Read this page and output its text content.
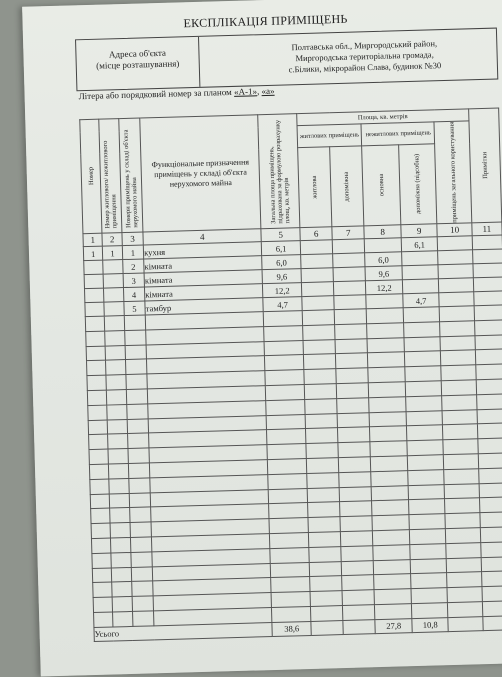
ЕКСПЛІКАЦІЯ ПРИМІЩЕНЬ
Адреса об'єкта
(місце розташування)
Полтавська обл., Миргородський район,
Миргородська територіальна громада,
с.Білики, мікрорайон Слава, будинок №30
Літера або порядковий номер за планом «А-1», «а»
Номер	Номер житлового/ нежитлового приміщення	Номери приміщень у складі об'єкта нерухомого майна	Функціональне призначення приміщень у складі об'єкта нерухомого майна	Загальна площа приміщень, підрахована за формулою розрахунку площ, кв. метрів	Площа, кв. метрів					Примітки

					житлових приміщень		нежитлових приміщень		приміщень загального користування	

					житлова	допоміжна	основна	допоміжна (підсобна)		

1	2	3	4	5	6	7	8	9	10	11
1	1	1	кухня	6,1				6,1		
		2	кімната	6,0			6,0			
		3	кімната	9,6			9,6			
		4	кімната	12,2			12,2			
		5	тамбур	4,7				4,7		

Усього				38,6			27,8	10,8		
